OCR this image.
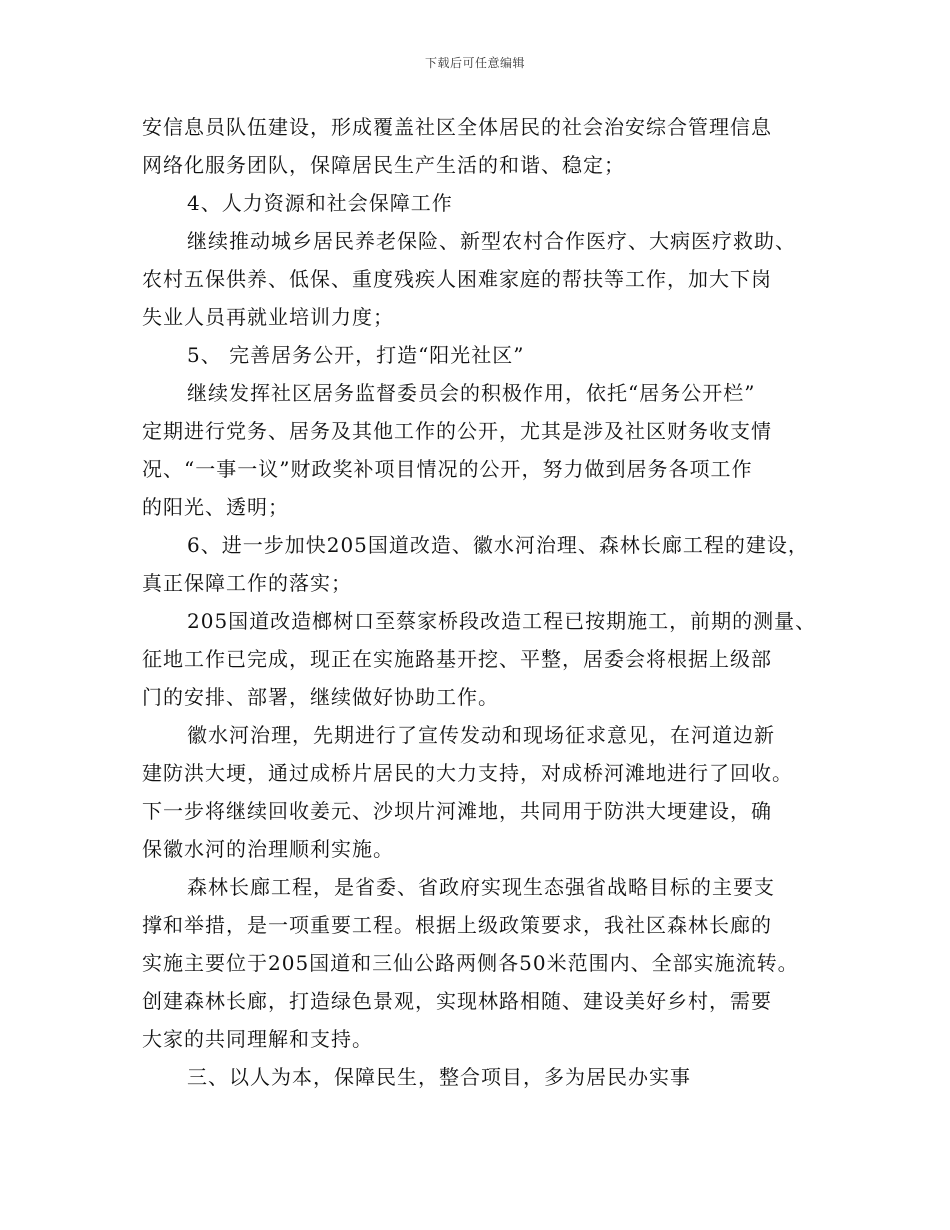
下载后可任意编辑
安信息员队伍建设，形成覆盖社区全体居民的社会治安综合管理信息
网络化服务团队，保障居民生产生活的和谐、稳定；
4、人力资源和社会保障工作
继续推动城乡居民养老保险、新型农村合作医疗、大病医疗救助、
农村五保供养、低保、重度残疾人困难家庭的帮扶等工作，加大下岗
失业人员再就业培训力度；
5、 完善居务公开，打造“阳光社区”
继续发挥社区居务监督委员会的积极作用，依托“居务公开栏”
定期进行党务、居务及其他工作的公开，尤其是涉及社区财务收支情
况、“一事一议”财政奖补项目情况的公开，努力做到居务各项工作
的阳光、透明；
6、进一步加快205国道改造、徽水河治理、森林长廊工程的建设，
真正保障工作的落实；
205国道改造榔树口至蔡家桥段改造工程已按期施工，前期的测量、
征地工作已完成，现正在实施路基开挖、平整，居委会将根据上级部
门的安排、部署，继续做好协助工作。
徽水河治理，先期进行了宣传发动和现场征求意见，在河道边新
建防洪大埂，通过成桥片居民的大力支持，对成桥河滩地进行了回收。
下一步将继续回收姜元、沙坝片河滩地，共同用于防洪大埂建设，确
保徽水河的治理顺利实施。
森林长廊工程，是省委、省政府实现生态强省战略目标的主要支
撑和举措，是一项重要工程。根据上级政策要求，我社区森林长廊的
实施主要位于205国道和三仙公路两侧各50米范围内、全部实施流转。
创建森林长廊，打造绿色景观，实现林路相随、建设美好乡村，需要
大家的共同理解和支持。
三、以人为本，保障民生，整合项目，多为居民办实事
